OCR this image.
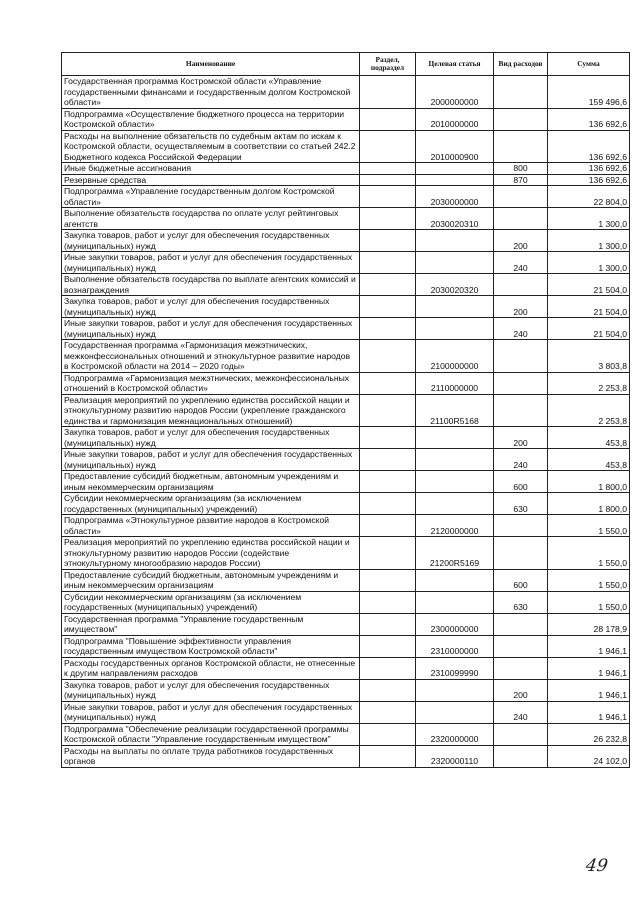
Наименование	Раздел, подраздел	Целевая статья	Вид расходов	Сумма
Государственная программа Костромской области «Управление государственными финансами и государственным долгом Костромской области»		2000000000		159 496,6
Подпрограмма «Осуществление бюджетного процесса на территории Костромской области»		2010000000		136 692,6
Расходы на выполнение обязательств по судебным актам по искам к Костромской области, осуществляемым в соответствии со статьей 242.2 Бюджетного кодекса Российской Федерации		2010000900		136 692,6
Иные бюджетные ассигнования			800	136 692,6
Резервные средства			870	136 692,6
Подпрограмма «Управление государственным долгом Костромской области»		2030000000		22 804,0
Выполнение обязательств государства по оплате услуг рейтинговых агентств		2030020310		1 300,0
Закупка товаров, работ и услуг для обеспечения государственных (муниципальных) нужд			200	1 300,0
Иные закупки товаров, работ и услуг для обеспечения государственных (муниципальных) нужд			240	1 300,0
Выполнение обязательств государства по выплате агентских комиссий и вознаграждения		2030020320		21 504,0
Закупка товаров, работ и услуг для обеспечения государственных (муниципальных) нужд			200	21 504,0
Иные закупки товаров, работ и услуг для обеспечения государственных (муниципальных) нужд			240	21 504,0
Государственная программа «Гармонизация межэтнических, межконфессиональных отношений и этнокультурное развитие народов в Костромской области на 2014 – 2020 годы»		2100000000		3 803,8
Подпрограмма «Гармонизация межэтнических, межконфессиональных отношений в Костромской области»		2110000000		2 253,8
Реализация мероприятий по укреплению единства российской нации и этнокультурному развитию народов России (укрепление гражданского единства и гармонизация межнациональных отношений)		21100R5168		2 253,8
Закупка товаров, работ и услуг для обеспечения государственных (муниципальных) нужд			200	453,8
Иные закупки товаров, работ и услуг для обеспечения государственных (муниципальных) нужд			240	453,8
Предоставление субсидий бюджетным, автономным учреждениям и иным некоммерческим организациям			600	1 800,0
Субсидии некоммерческим организациям (за исключением государственных (муниципальных) учреждений)			630	1 800,0
Подпрограмма «Этнокультурное развитие народов в Костромской области»		2120000000		1 550,0
Реализация мероприятий по укреплению единства российской нации и этнокультурному развитию народов России (содействие этнокультурному многообразию народов России)		21200R5169		1 550,0
Предоставление субсидий бюджетным, автономным учреждениям и иным некоммерческим организациям			600	1 550,0
Субсидии некоммерческим организациям (за исключением государственных (муниципальных) учреждений)			630	1 550,0
Государственная программа "Управление государственным имуществом"		2300000000		28 178,9
Подпрограмма "Повышение эффективности управления государственным имуществом Костромской области"		2310000000		1 946,1
Расходы государственных органов Костромской области, не отнесенные к другим направлениям расходов		2310099990		1 946,1
Закупка товаров, работ и услуг для обеспечения государственных (муниципальных) нужд			200	1 946,1
Иные закупки товаров, работ и услуг для обеспечения государственных (муниципальных) нужд			240	1 946,1
Подпрограмма "Обеспечение реализации государственной программы Костромской области "Управление государственным имуществом"		2320000000		26 232,8
Расходы на выплаты по оплате труда работников государственных органов		2320000110		24 102,0
49
